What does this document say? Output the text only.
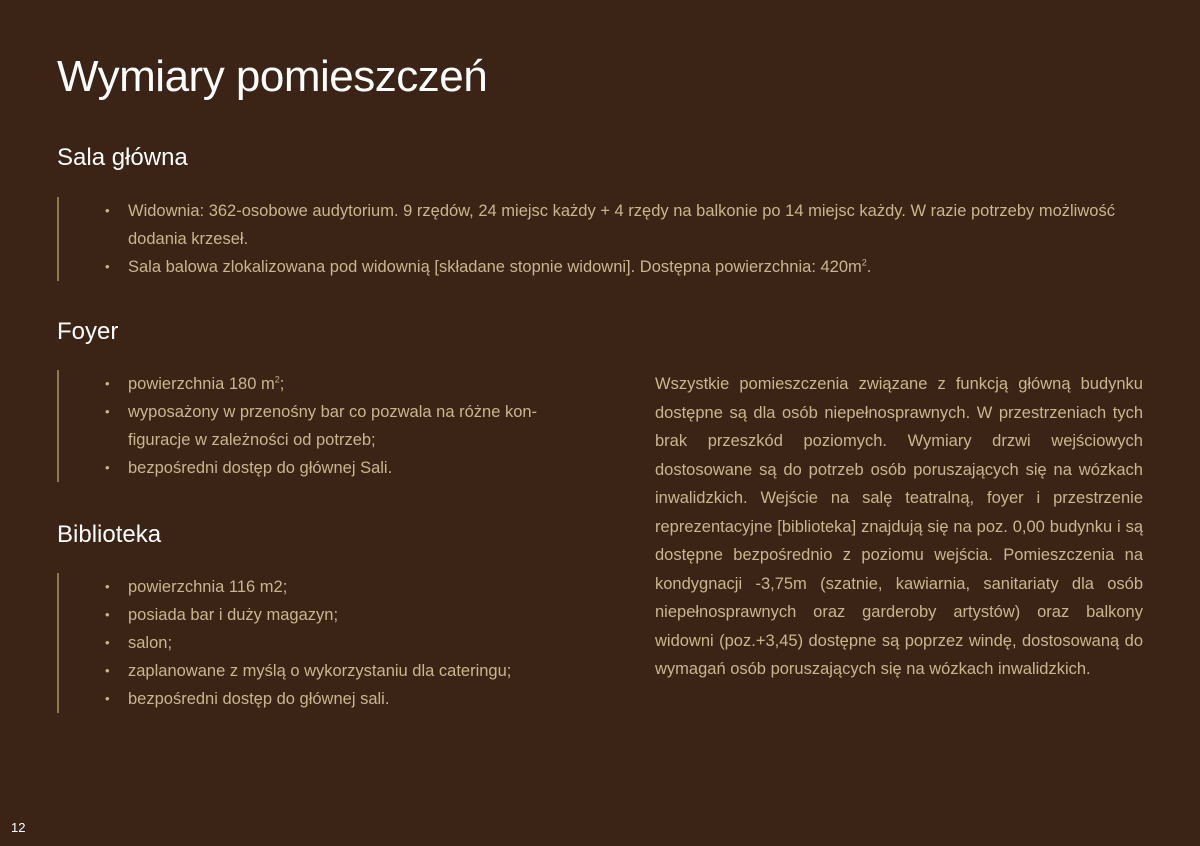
Wymiary pomieszczeń
Sala główna
• Widownia: 362-osobowe audytorium. 9 rzędów, 24 miejsc każdy + 4 rzędy na balkonie po 14 miejsc każdy. W razie potrzeby możliwość dodania krzeseł.
• Sala balowa zlokalizowana pod widownią [składane stopnie widowni]. Dostępna powierzchnia: $420m^2$.
Foyer
• powierzchnia 180 $m^2$;
• wyposażony w przenośny bar co pozwala na różne kon-figuracje w zależności od potrzeb;
• bezpośredni dostęp do głównej Sali.
Biblioteka
• powierzchnia 116 m2;
• posiada bar i duży magazyn;
• salon;
• zaplanowane z myślą o wykorzystaniu dla cateringu;
• bezpośredni dostęp do głównej sali.

Wszystkie pomieszczenia związane z funkcją główną budynku dostępne są dla osób niepełnosprawnych. W przestrzeniach tych brak przeszkód poziomych. Wymiary drzwi wejściowych dostosowane są do potrzeb osób poruszających się na wózkach inwalidzkich. Wejście na salę teatralną, foyer i przestrzenie reprezentacyjne [biblioteka] znajdują się na poz. 0,00 budynku i są dostępne bezpośrednio z poziomu wejścia. Pomieszczenia na kondygnacji -3,75m (szatnie, kawiarnia, sanitariaty dla osób niepełnosprawnych oraz garderoby artystów) oraz balkony widowni (poz.+3,45) dostępne są poprzez windę, dostosowaną do wymagań osób poruszających się na wózkach inwalidzkich.

12
